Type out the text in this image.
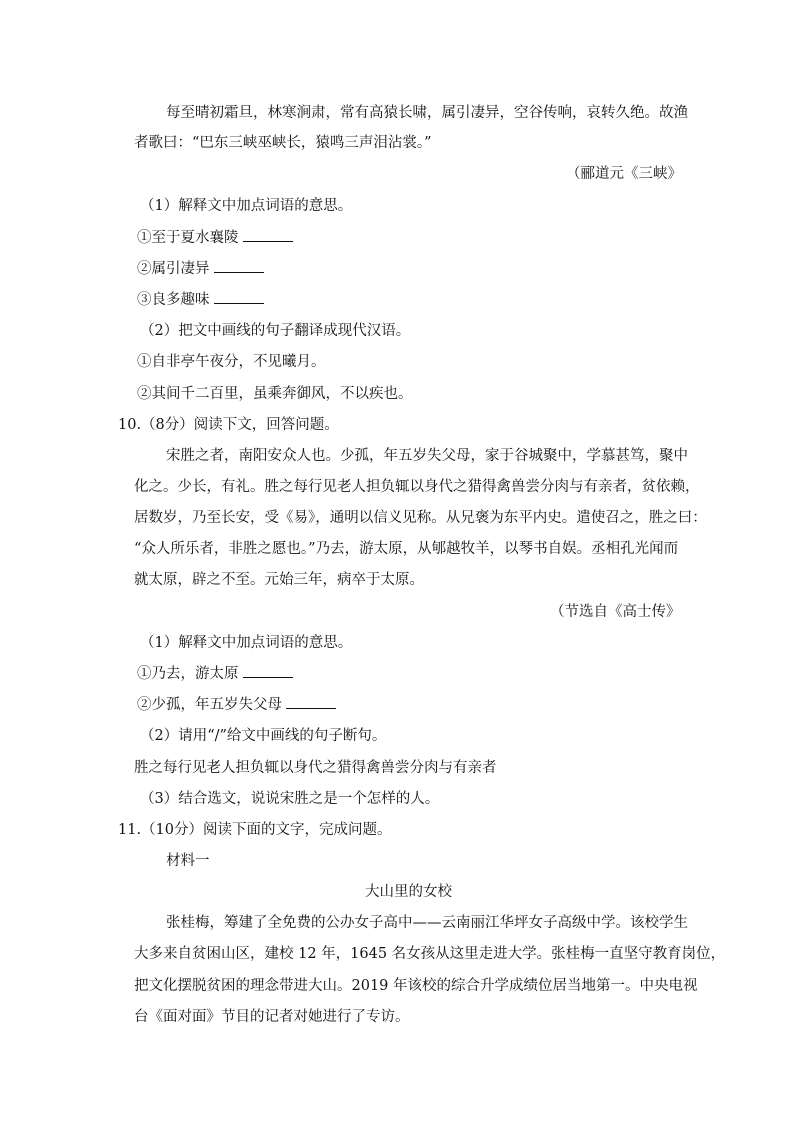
每至晴初霜旦，林寒涧肃，常有高猿长啸，属引凄异，空谷传响，哀转久绝。故渔
者歌曰：“巴东三峡巫峡长，猿鸣三声泪沾裳。”
（郦道元《三峡》
（1）解释文中加点词语的意思。
①至于夏水襄陵
②属引凄异
③良多趣味
（2）把文中画线的句子翻译成现代汉语。
①自非亭午夜分，不见曦月。
②其间千二百里，虽乘奔御风，不以疾也。
10.（8分）阅读下文，回答问题。
宋胜之者，南阳安众人也。少孤，年五岁失父母，家于谷城聚中，学慕甚笃，聚中
化之。少长，有礼。胜之每行见老人担负辄以身代之猎得禽兽尝分肉与有亲者，贫依赖，
居数岁，乃至长安，受《易》，通明以信义见称。从兄褒为东平内史。遣使召之，胜之曰：
“众人所乐者，非胜之愿也。”乃去，游太原，从郇越牧羊，以琴书自娱。丞相孔光闻而
就太原，辟之不至。元始三年，病卒于太原。
（节选自《高士传》
（1）解释文中加点词语的意思。
①乃去，游太原
②少孤，年五岁失父母
（2）请用“/”给文中画线的句子断句。
胜之每行见老人担负辄以身代之猎得禽兽尝分肉与有亲者
（3）结合选文，说说宋胜之是一个怎样的人。
11.（10分）阅读下面的文字，完成问题。
材料一
大山里的女校
张桂梅，筹建了全免费的公办女子高中——云南丽江华坪女子高级中学。该校学生
大多来自贫困山区，建校 12 年，1645 名女孩从这里走进大学。张桂梅一直坚守教育岗位，
把文化摆脱贫困的理念带进大山。2019 年该校的综合升学成绩位居当地第一。中央电视
台《面对面》节目的记者对她进行了专访。
